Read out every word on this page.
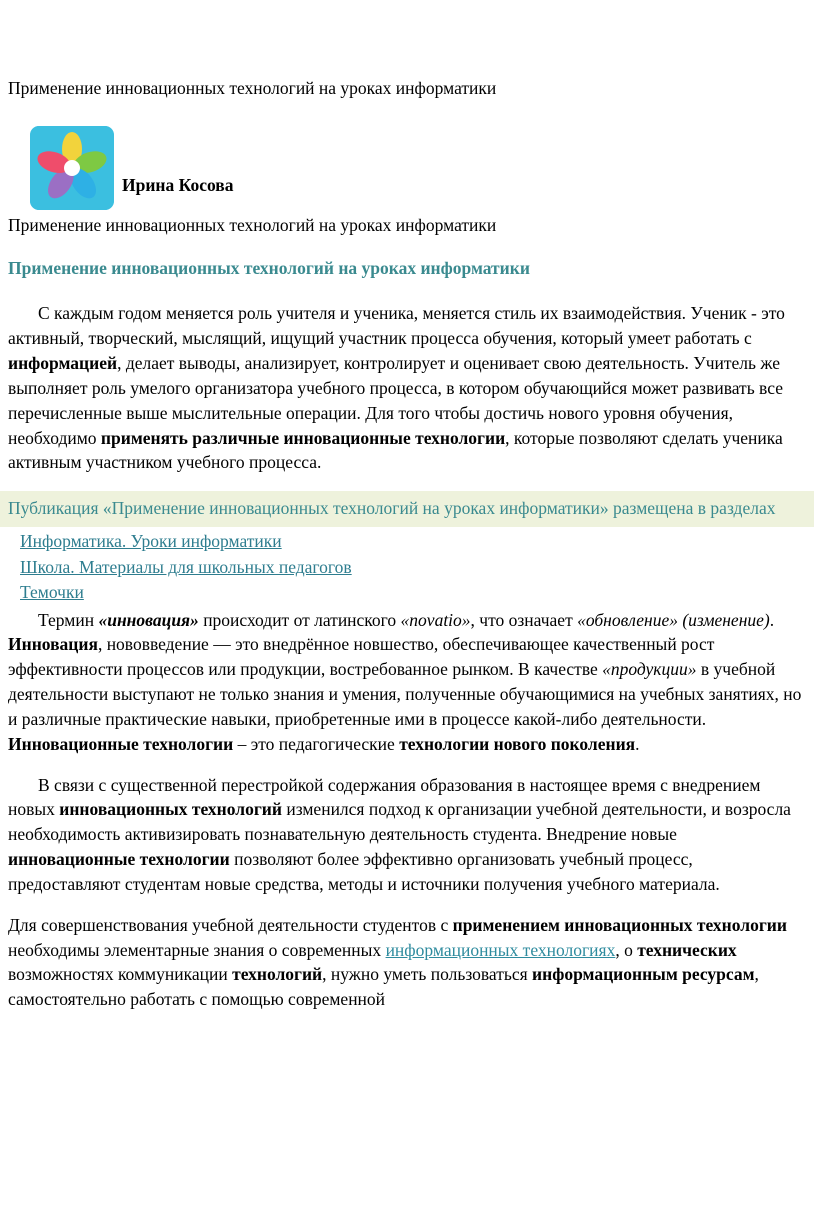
Применение инновационных технологий на уроках информатики
Ирина Косова
Применение инновационных технологий на уроках информатики
Применение инновационных технологий на уроках информатики

С каждым годом меняется роль учителя и ученика, меняется стиль их взаимодействия. Ученик - это активный, творческий, мыслящий, ищущий участник процесса обучения, который умеет работать с информацией, делает выводы, анализирует, контролирует и оценивает свою деятельность. Учитель же выполняет роль умелого организатора учебного процесса, в котором обучающийся может развивать все перечисленные выше мыслительные операции. Для того чтобы достичь нового уровня обучения, необходимо применять различные инновационные технологии, которые позволяют сделать ученика активным участником учебного процесса.

Публикация «Применение инновационных технологий на уроках информатики» размещена в разделах
Информатика. Уроки информатики
Школа. Материалы для школьных педагогов
Темочки

Термин «инновация» происходит от латинского «novatio», что означает «обновление» (изменение). Инновация, нововведение — это внедрённое новшество, обеспечивающее качественный рост эффективности процессов или продукции, востребованное рынком. В качестве «продукции» в учебной деятельности выступают не только знания и умения, полученные обучающимися на учебных занятиях, но и различные практические навыки, приобретенные ими в процессе какой-либо деятельности. Инновационные технологии – это педагогические технологии нового поколения.

В связи с существенной перестройкой содержания образования в настоящее время с внедрением новых инновационных технологий изменился подход к организации учебной деятельности, и возросла необходимость активизировать познавательную деятельность студента. Внедрение новые инновационные технологии позволяют более эффективно организовать учебный процесс, предоставляют студентам новые средства, методы и источники получения учебного материала.

Для совершенствования учебной деятельности студентов с применением инновационных технологии необходимы элементарные знания о современных информационных технологиях, о технических возможностях коммуникации технологий, нужно уметь пользоваться информационным ресурсам, самостоятельно работать с помощью современной
